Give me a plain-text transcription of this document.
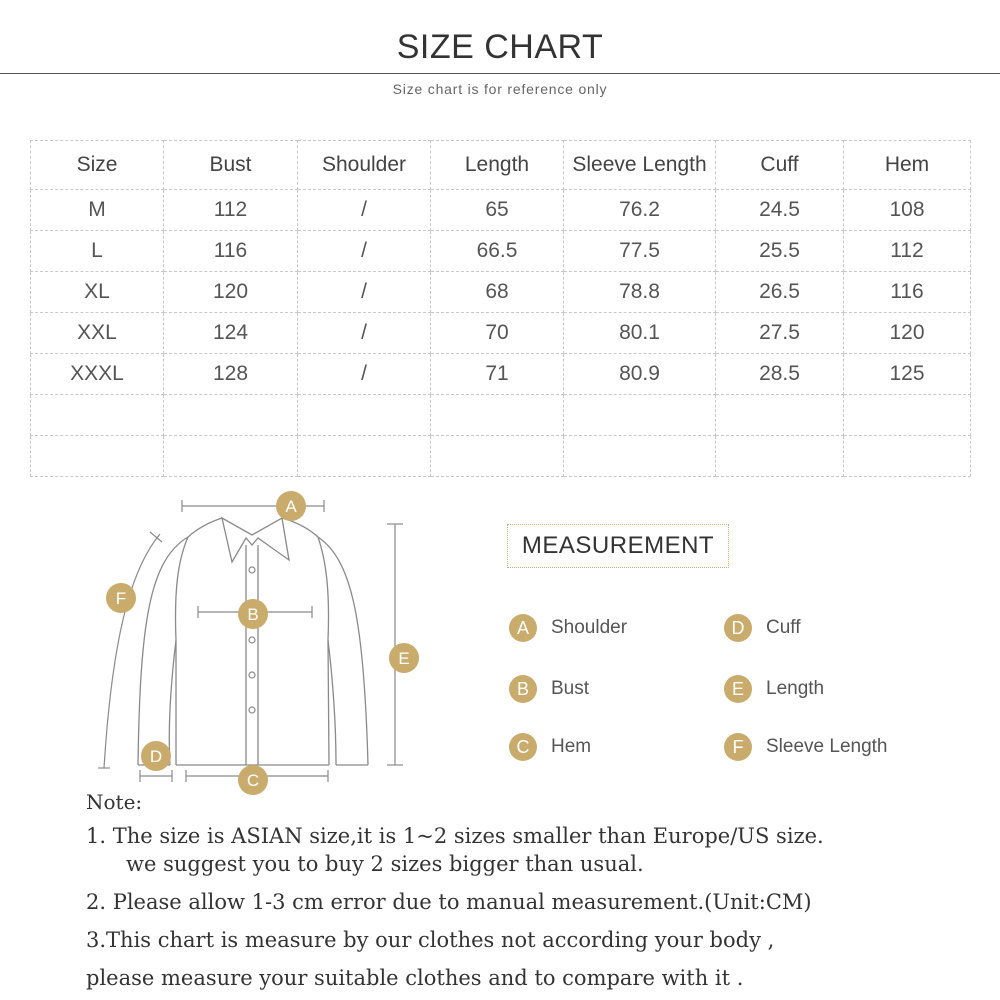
SIZE CHART
Size chart is for reference only
Size	Bust	Shoulder	Length	Sleeve Length	Cuff	Hem
M	112	/	65	76.2	24.5	108
L	116	/	66.5	77.5	25.5	112
XL	120	/	68	78.8	26.5	116
XXL	124	/	70	80.1	27.5	120
XXXL	128	/	71	80.9	28.5	125

A
B
C
D
E
F
MEASUREMENT
A	Shoulder
B	Bust
C	Hem
D	Cuff
E	Length
F	Sleeve Length
Note:
1. The size is ASIAN size,it is 1~2 sizes smaller than Europe/US size.
we suggest you to buy 2 sizes bigger than usual.
2. Please allow 1-3 cm error due to manual measurement.(Unit:CM)
3.This chart is measure by our clothes not according your body ,
please measure your suitable clothes and to compare with it .
